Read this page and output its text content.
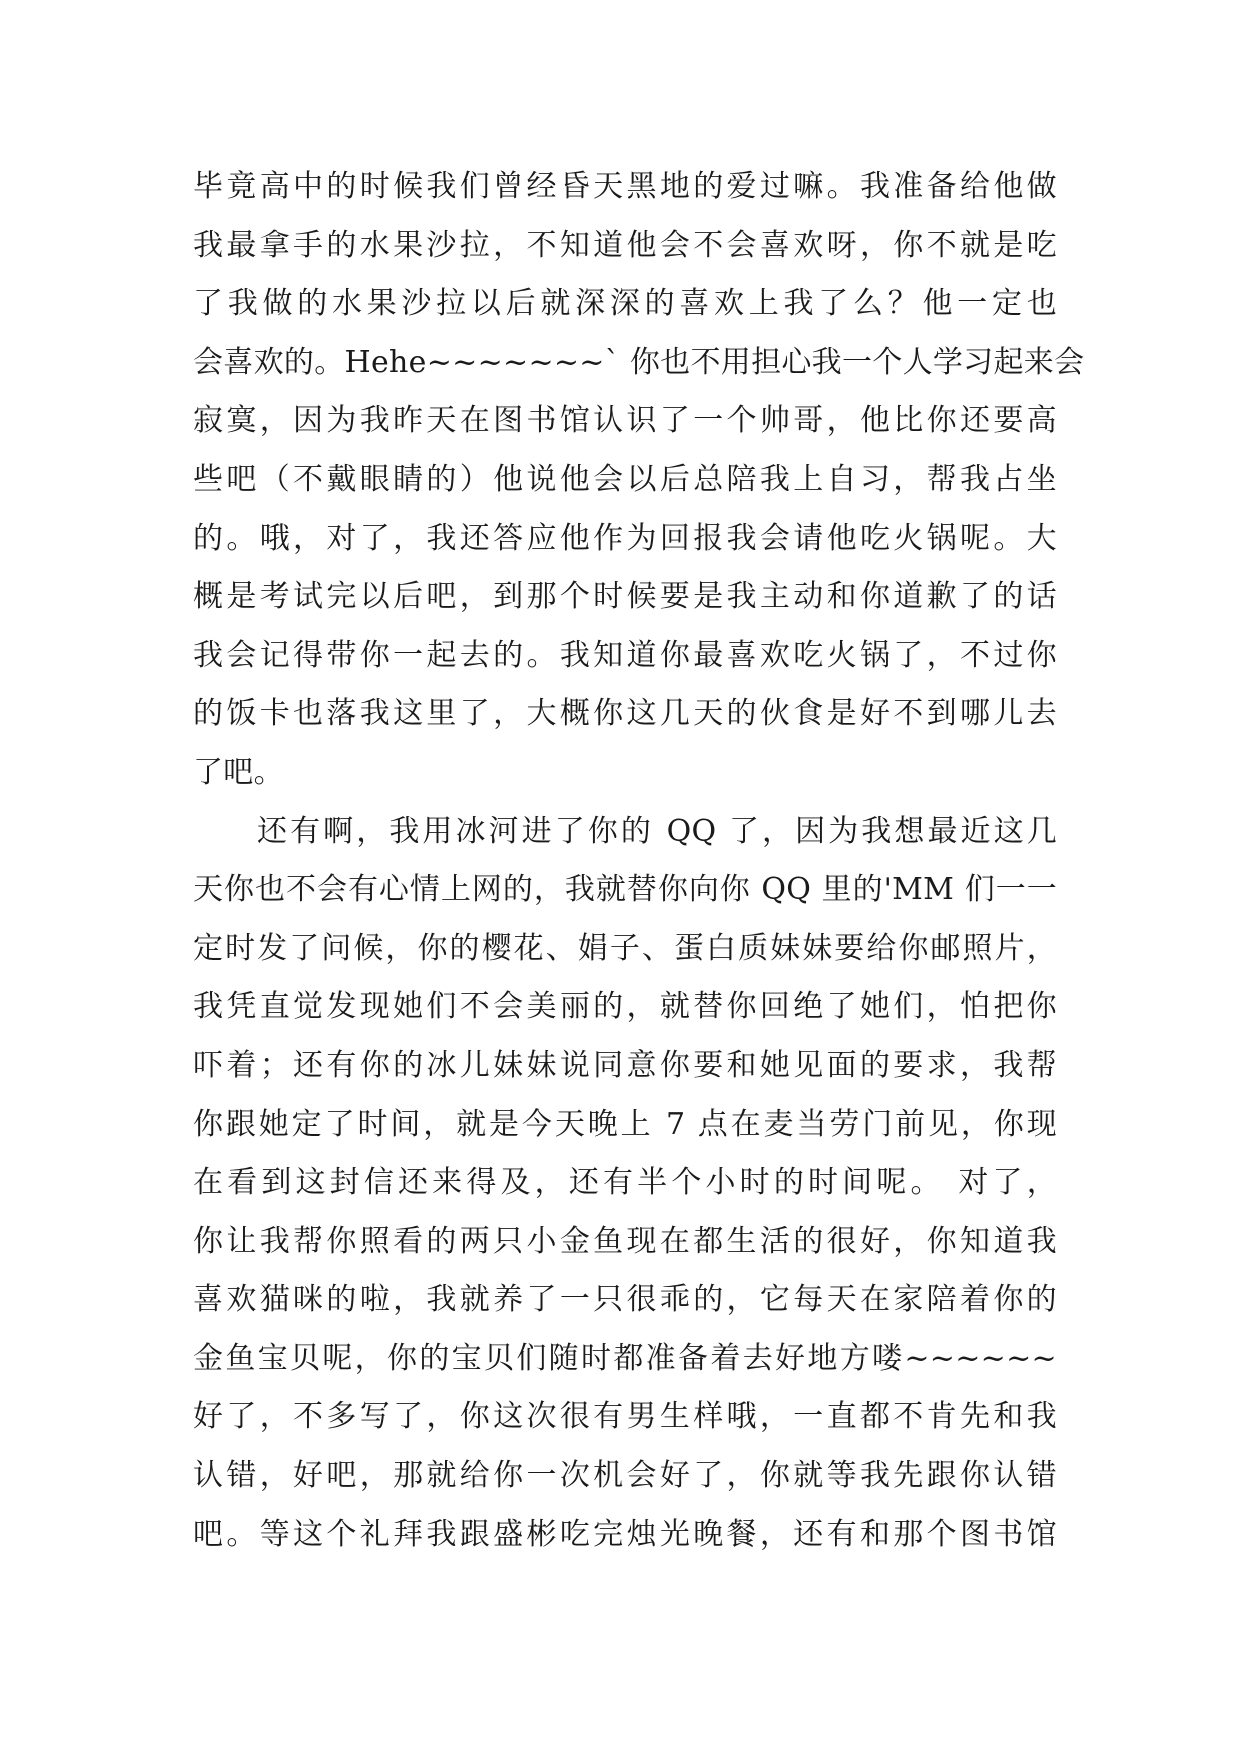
毕竟高中的时候我们曾经昏天黑地的爱过嘛。我准备给他做
我最拿手的水果沙拉，不知道他会不会喜欢呀，你不就是吃
了我做的水果沙拉以后就深深的喜欢上我了么？他一定也
会喜欢的。Hehe~~~~~~~` 你也不用担心我一个人学习起来会
寂寞，因为我昨天在图书馆认识了一个帅哥，他比你还要高
些吧（不戴眼睛的）他说他会以后总陪我上自习，帮我占坐
的。哦，对了，我还答应他作为回报我会请他吃火锅呢。大
概是考试完以后吧，到那个时候要是我主动和你道歉了的话
我会记得带你一起去的。我知道你最喜欢吃火锅了，不过你
的饭卡也落我这里了，大概你这几天的伙食是好不到哪儿去
了吧。
还有啊，我用冰河进了你的 QQ 了，因为我想最近这几
天你也不会有心情上网的，我就替你向你 QQ 里的'MM 们一一
定时发了问候，你的樱花、娟子、蛋白质妹妹要给你邮照片，
我凭直觉发现她们不会美丽的，就替你回绝了她们，怕把你
吓着；还有你的冰儿妹妹说同意你要和她见面的要求，我帮
你跟她定了时间，就是今天晚上 7 点在麦当劳门前见，你现
在看到这封信还来得及，还有半个小时的时间呢。 对了，
你让我帮你照看的两只小金鱼现在都生活的很好，你知道我
喜欢猫咪的啦，我就养了一只很乖的，它每天在家陪着你的
金鱼宝贝呢，你的宝贝们随时都准备着去好地方喽~~~~~~
好了，不多写了，你这次很有男生样哦，一直都不肯先和我
认错，好吧，那就给你一次机会好了，你就等我先跟你认错
吧。等这个礼拜我跟盛彬吃完烛光晚餐，还有和那个图书馆
